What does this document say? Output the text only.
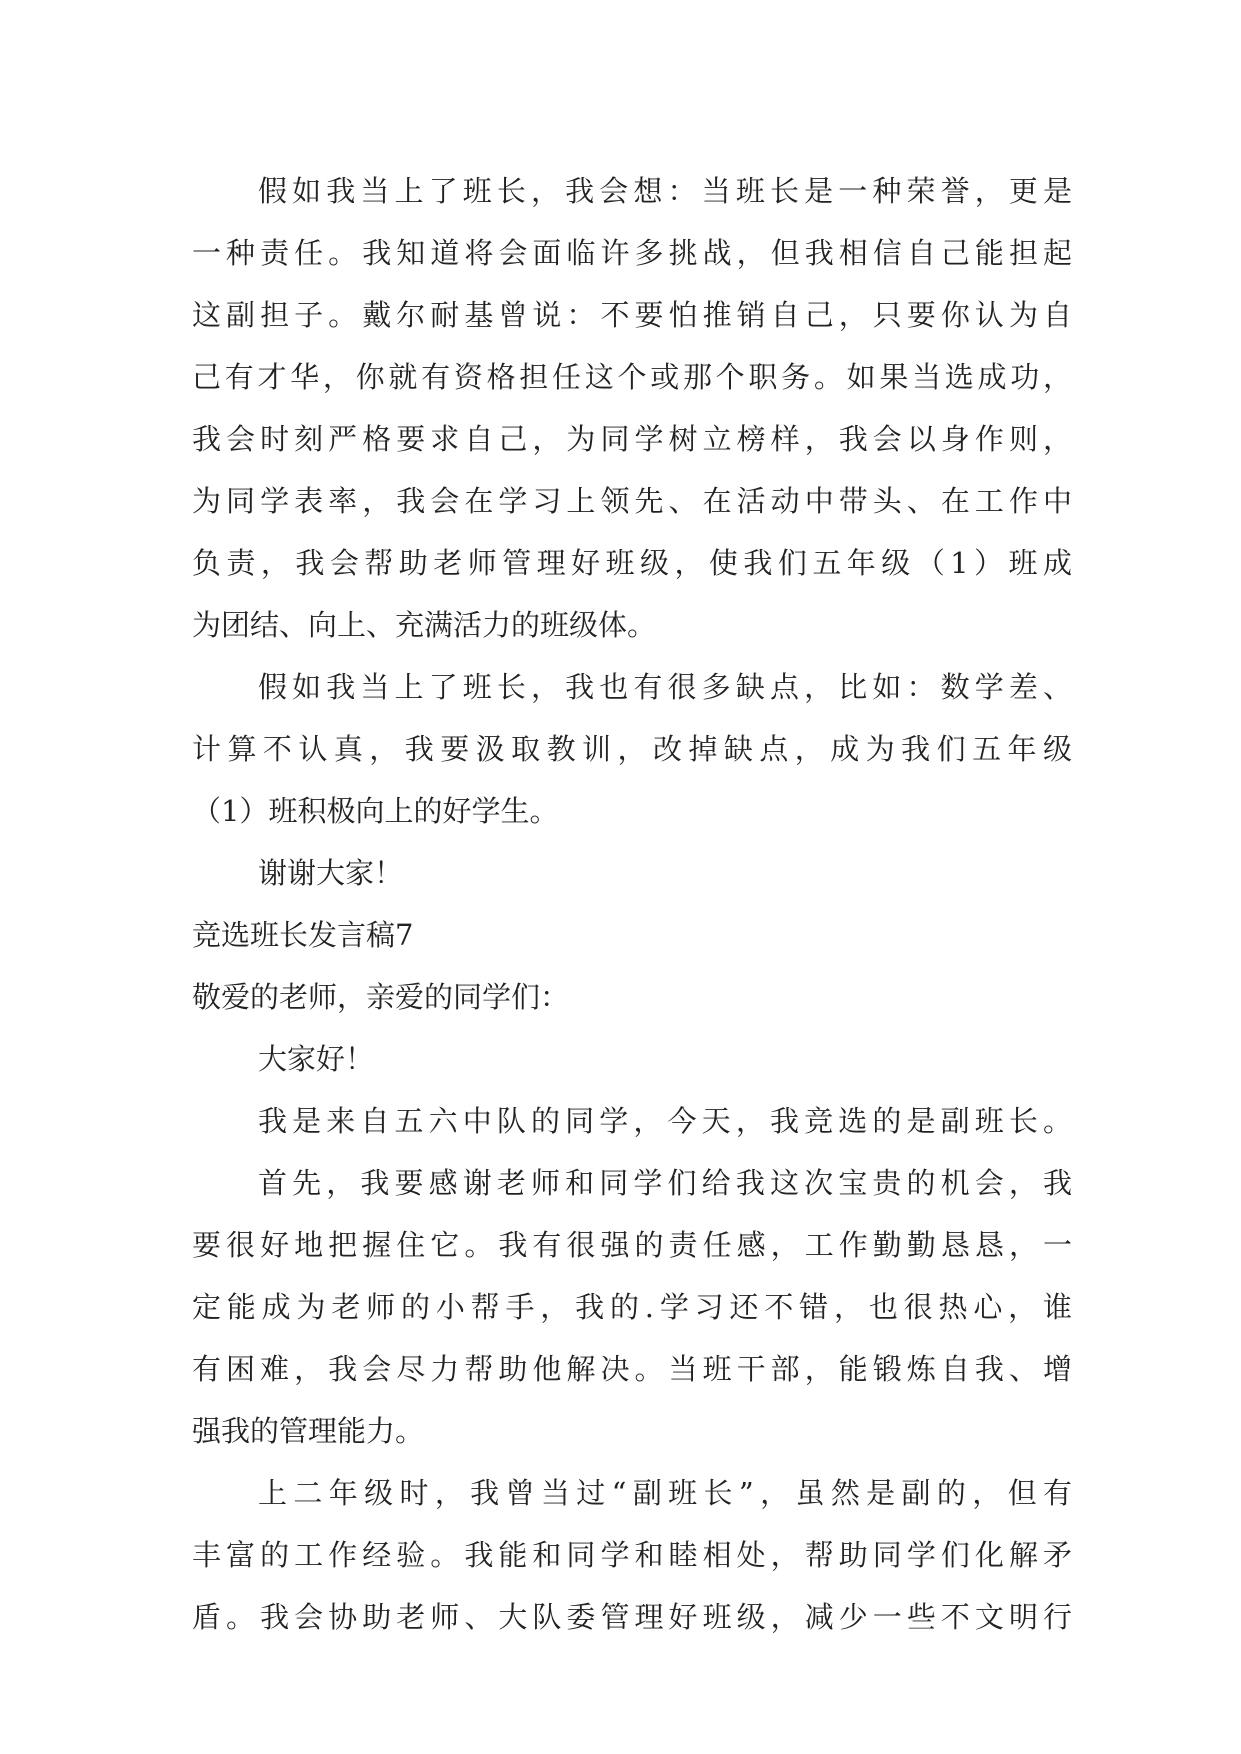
假如我当上了班长，我会想：当班长是一种荣誉，更是
一种责任。我知道将会面临许多挑战，但我相信自己能担起
这副担子。戴尔耐基曾说：不要怕推销自己，只要你认为自
己有才华，你就有资格担任这个或那个职务。如果当选成功，
我会时刻严格要求自己，为同学树立榜样，我会以身作则，
为同学表率，我会在学习上领先、在活动中带头、在工作中
负责，我会帮助老师管理好班级，使我们五年级（1）班成
为团结、向上、充满活力的班级体。
假如我当上了班长，我也有很多缺点，比如：数学差、
计算不认真，我要汲取教训，改掉缺点，成为我们五年级
（1）班积极向上的好学生。
谢谢大家！
竞选班长发言稿7
敬爱的老师，亲爱的同学们：
大家好！
我是来自五六中队的同学，今天，我竞选的是副班长。
首先，我要感谢老师和同学们给我这次宝贵的机会，我
要很好地把握住它。我有很强的责任感，工作勤勤恳恳，一
定能成为老师的小帮手，我的.学习还不错，也很热心，谁
有困难，我会尽力帮助他解决。当班干部，能锻炼自我、增
强我的管理能力。
上二年级时，我曾当过“副班长”，虽然是副的，但有
丰富的工作经验。我能和同学和睦相处，帮助同学们化解矛
盾。我会协助老师、大队委管理好班级，减少一些不文明行
